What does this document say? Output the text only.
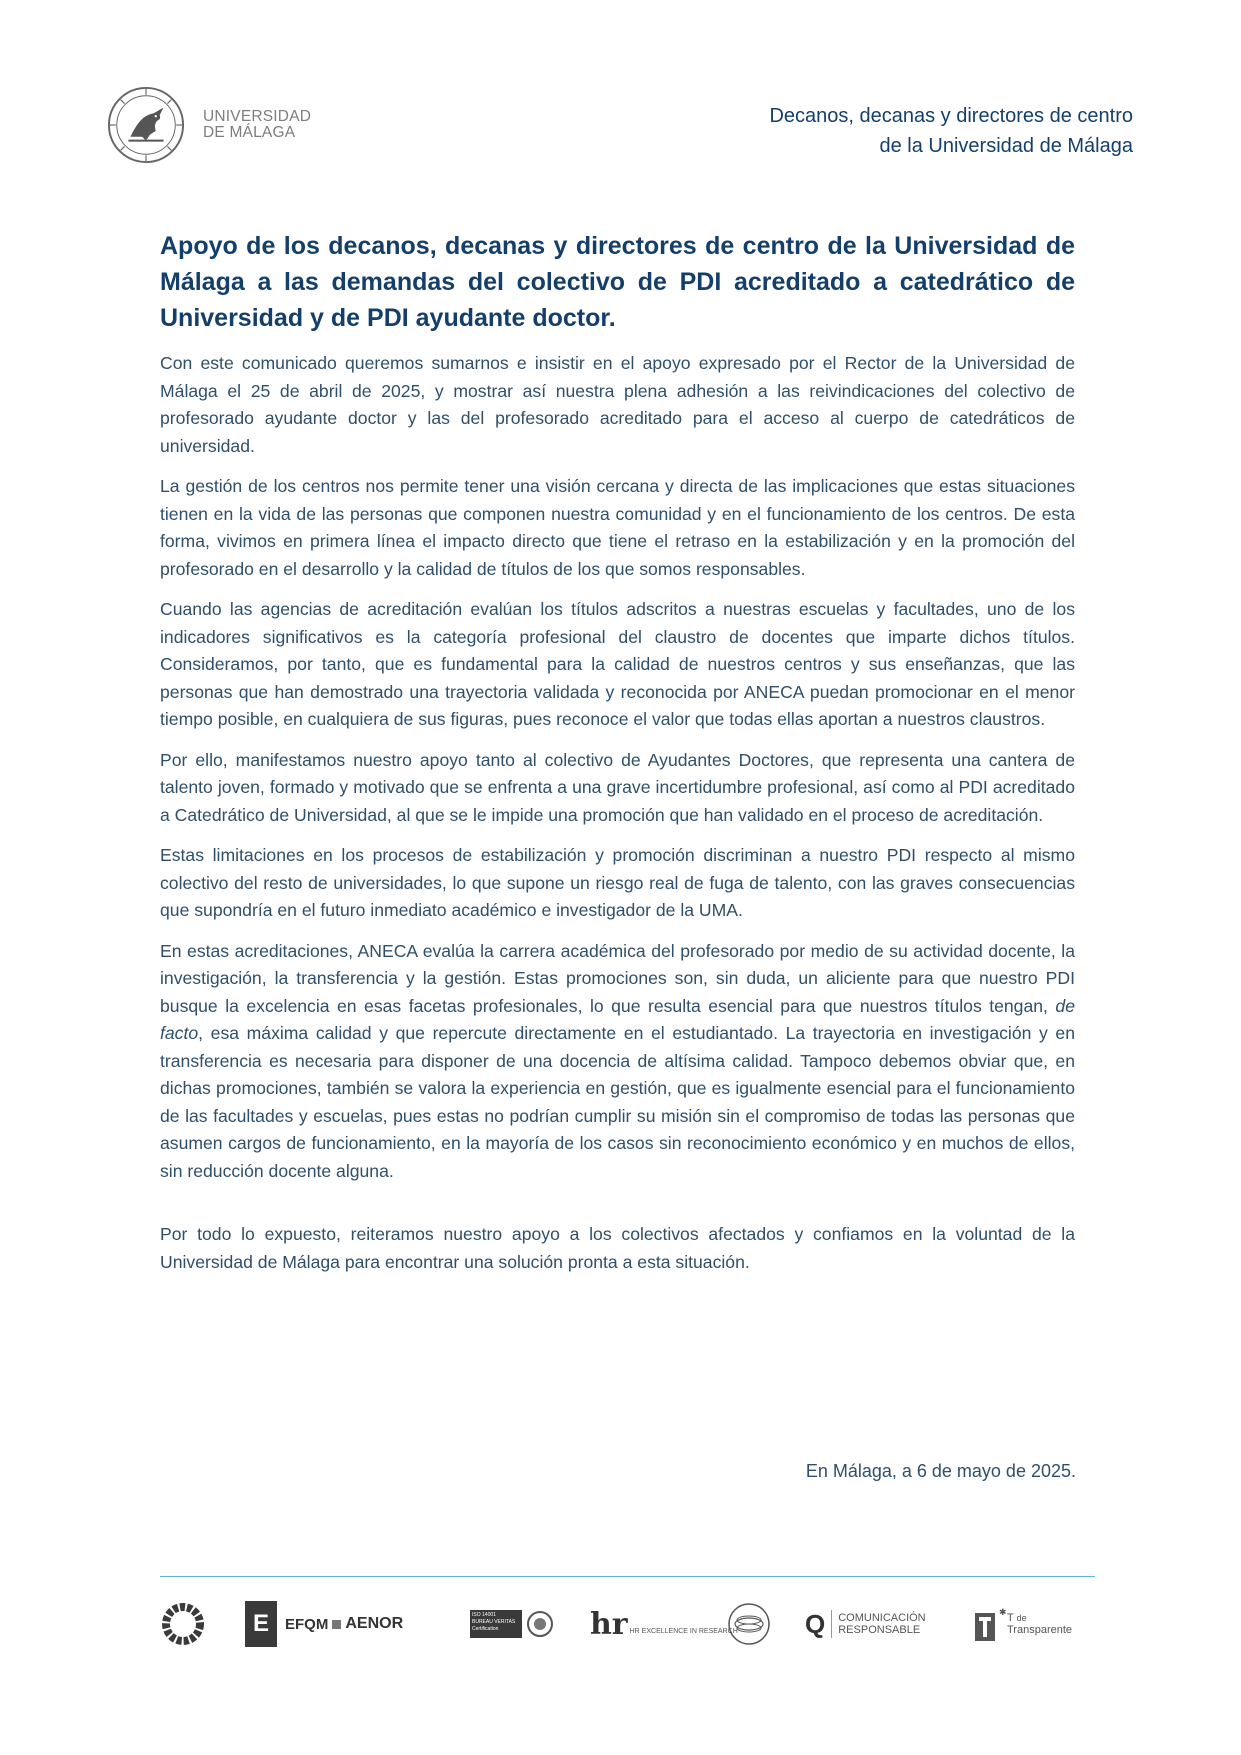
UNIVERSIDAD
DE MÁLAGA
Decanos, decanas y directores de centro
de la Universidad de Málaga
Apoyo de los decanos, decanas y directores de centro de la Universidad de Málaga a las demandas del colectivo de PDI acreditado a catedrático de Universidad y de PDI ayudante doctor.

Con este comunicado queremos sumarnos e insistir en el apoyo expresado por el Rector de la Universidad de Málaga el 25 de abril de 2025, y mostrar así nuestra plena adhesión a las reivindicaciones del colectivo de profesorado ayudante doctor y las del profesorado acreditado para el acceso al cuerpo de catedráticos de universidad.

La gestión de los centros nos permite tener una visión cercana y directa de las implicaciones que estas situaciones tienen en la vida de las personas que componen nuestra comunidad y en el funcionamiento de los centros. De esta forma, vivimos en primera línea el impacto directo que tiene el retraso en la estabilización y en la promoción del profesorado en el desarrollo y la calidad de títulos de los que somos responsables.

Cuando las agencias de acreditación evalúan los títulos adscritos a nuestras escuelas y facultades, uno de los indicadores significativos es la categoría profesional del claustro de docentes que imparte dichos títulos. Consideramos, por tanto, que es fundamental para la calidad de nuestros centros y sus enseñanzas, que las personas que han demostrado una trayectoria validada y reconocida por ANECA puedan promocionar en el menor tiempo posible, en cualquiera de sus figuras, pues reconoce el valor que todas ellas aportan a nuestros claustros.

Por ello, manifestamos nuestro apoyo tanto al colectivo de Ayudantes Doctores, que representa una cantera de talento joven, formado y motivado que se enfrenta a una grave incertidumbre profesional, así como al PDI acreditado a Catedrático de Universidad, al que se le impide una promoción que han validado en el proceso de acreditación.

Estas limitaciones en los procesos de estabilización y promoción discriminan a nuestro PDI respecto al mismo colectivo del resto de universidades, lo que supone un riesgo real de fuga de talento, con las graves consecuencias que supondría en el futuro inmediato académico e investigador de la UMA.

En estas acreditaciones, ANECA evalúa la carrera académica del profesorado por medio de su actividad docente, la investigación, la transferencia y la gestión. Estas promociones son, sin duda, un aliciente para que nuestro PDI busque la excelencia en esas facetas profesionales, lo que resulta esencial para que nuestros títulos tengan, de facto, esa máxima calidad y que repercute directamente en el estudiantado. La trayectoria en investigación y en transferencia es necesaria para disponer de una docencia de altísima calidad. Tampoco debemos obviar que, en dichas promociones, también se valora la experiencia en gestión, que es igualmente esencial para el funcionamiento de las facultades y escuelas, pues estas no podrían cumplir su misión sin el compromiso de todas las personas que asumen cargos de funcionamiento, en la mayoría de los casos sin reconocimiento económico y en muchos de ellos, sin reducción docente alguna.

Por todo lo expuesto, reiteramos nuestro apoyo a los colectivos afectados y confiamos en la voluntad de la Universidad de Málaga para encontrar una solución pronta a esta situación.

En Málaga, a 6 de mayo de 2025.
E EFQM AENOR	ISO 14001
BUREAU VERITAS
Certification	hr HR EXCELLENCE IN RESEARCH	Q COMUNICACIÓN
RESPONSABLE
✱ T de
Transparente
